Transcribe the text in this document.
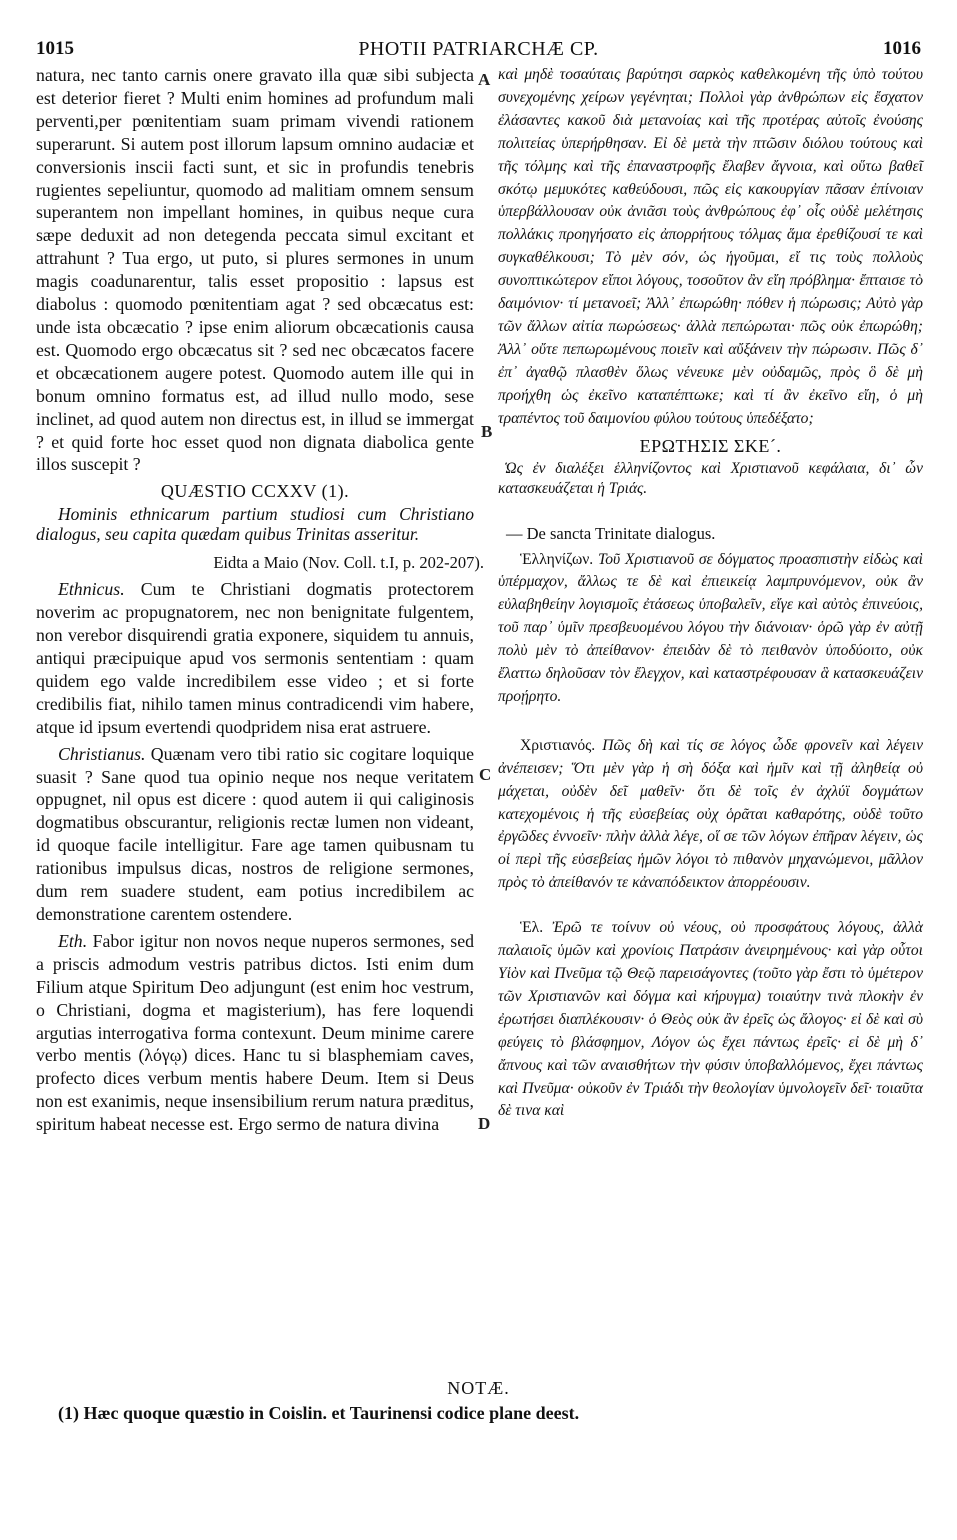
1015	PHOTII PATRIARCHÆ CP.	1016
A
B
C
D

natura, nec tanto carnis onere gravato illa quæ sibi subjecta est deterior fieret ? Multi enim homines ad profundum mali perventi,per pœnitentiam suam primam vivendi rationem superarunt. Si autem post illorum lapsum omnino audaciæ et conversionis inscii facti sunt, et sic in profundis tenebris rugientes sepeliuntur, quomodo ad malitiam omnem sensum superantem non impellant homines, in quibus neque cura sæpe deduxit ad non detegenda peccata simul excitant et attrahunt ? Tua ergo, ut puto, si plures sermones in unum magis coadunarentur, talis esset propositio : lapsus est diabolus : quomodo pœnitentiam agat ? sed obcæcatus est: unde ista obcæcatio ? ipse enim aliorum obcæcationis causa est. Quomodo ergo obcæcatus sit ? sed nec obcæcatos facere et obcæcationem augere potest. Quomodo autem ille qui in bonum omnino formatus est, ad illud nullo modo, sese inclinet, ad quod autem non directus est, in illud se immergat ? et quid forte hoc esset quod non dignata diabolica gente illos suscepit ?

QUÆSTIO CCXXV (1).

Hominis ethnicarum partium studiosi cum Christiano dialogus, seu capita quædam quibus Trinitas asseritur.

Eidta a Maio (Nov. Coll. t.I, p. 202-207).

Ethnicus. Cum te Christiani dogmatis protectorem noverim ac propugnatorem, nec non benignitate fulgentem, non verebor disquirendi gratia exponere, siquidem tu annuis, antiqui præcipuique apud vos sermonis sententiam : quam quidem ego valde incredibilem esse video ; et si forte credibilis fiat, nihilo tamen minus contradicendi vim habere, atque id ipsum evertendi quodpridem nisa erat astruere.

Christianus. Quænam vero tibi ratio sic cogitare loquique suasit ? Sane quod tua opinio neque nos neque veritatem oppugnet, nil opus est dicere : quod autem ii qui caliginosis dogmatibus obscurantur, religionis rectæ lumen non videant, id quoque facile intelligitur. Fare age tamen quibusnam tu rationibus impulsus dicas, nostros de religione sermones, dum rem suadere student, eam potius incredibilem ac demonstratione carentem ostendere.

Eth. Fabor igitur non novos neque nuperos sermones, sed a priscis admodum vestris patribus dictos. Isti enim dum Filium atque Spiritum Deo adjungunt (est enim hoc vestrum, o Christiani, dogma et magisterium), has fere loquendi argutias interrogativa forma contexunt. Deum minime carere verbo mentis (λόγῳ) dices. Hanc tu si blasphemiam caves, profecto dices verbum mentis habere Deum. Item si Deus non est exanimis, neque insensibilium rerum natura præditus, spiritum habeat necesse est. Ergo sermo de natura divina

καὶ μηδὲ τοσαύταις βαρύτησι σαρκὸς καθελκομένη τῆς ὑπὸ τούτου συνεχομένης χείρων γεγένηται; Πολλοὶ γὰρ ἀνθρώπων εἰς ἔσχατον ἐλάσαντες κακοῦ διὰ μετανοίας καὶ τῆς προτέρας αὐτοῖς ἐνούσης πολιτείας ὑπερήρθησαν. Εἰ δὲ μετὰ τὴν πτῶσιν διόλου τούτους καὶ τῆς τόλμης καὶ τῆς ἐπαναστροφῆς ἔλαβεν ἄγνοια, καὶ οὕτω βαθεῖ σκότῳ μεμυκότες καθεύδουσι, πῶς εἰς κακουργίαν πᾶσαν ἐπίνοιαν ὑπερβάλλουσαν οὐκ ἀνιᾶσι τοὺς ἀνθρώπους ἐφ᾽ οἷς οὐδὲ μελέτησις πολλάκις προηγήσατο εἰς ἀπορρήτους τόλμας ἅμα ἐρεθίζουσί τε καὶ συγκαθέλκουσι; Τὸ μὲν σόν, ὡς ἡγοῦμαι, εἴ τις τοὺς πολλοὺς συνοπτικώτερον εἴποι λόγους, τοσοῦτον ἂν εἴη πρόβλημα· ἔπταισε τὸ δαιμόνιον· τί μετανοεῖ; Ἀλλ᾽ ἐπωρώθη· πόθεν ἡ πώρωσις; Αὐτὸ γὰρ τῶν ἄλλων αἰτία πωρώσεως· ἀλλὰ πεπώρωται· πῶς οὐκ ἐπωρώθη; Ἀλλ᾽ οὔτε πεπωρωμένους ποιεῖν καὶ αὔξάνειν τὴν πώρωσιν. Πῶς δ᾽ ἐπ᾽ ἀγαθῷ πλασθὲν ὅλως νένευκε μὲν οὐδαμῶς, πρὸς ὃ δὲ μὴ προήχθη ὡς ἐκεῖνο καταπέπτωκε; καὶ τί ἂν ἐκεῖνο εἴη, ὁ μὴ τραπέντος τοῦ δαιμονίου φύλου τούτους ὑπεδέξατο;

ΕΡΩΤΗΣΙΣ ΣΚΕ´.

Ὡς ἐν διαλέξει ἑλληνίζοντος καὶ Χριστιανοῦ κεφάλαια, δι᾽ ὧν κατασκευάζεται ἡ Τριάς.

— De sancta Trinitate dialogus.

Ἑλληνίζων. Τοῦ Χριστιανοῦ σε δόγματος προασπιστὴν εἰδὼς καὶ ὑπέρμαχον, ἄλλως τε δὲ καὶ ἐπιεικείᾳ λαμπρυνόμενον, οὐκ ἂν εὐλαβηθείην λογισμοῖς ἐτάσεως ὑποβαλεῖν, εἴγε καὶ αὐτὸς ἐπινεύοις, τοῦ παρ᾽ ὑμῖν πρεσβευομένου λόγου τὴν διάνοιαν· ὁρῶ γὰρ ἐν αὐτῇ πολὺ μὲν τὸ ἀπείθανον· ἐπειδὰν δὲ τὸ πειθανὸν ὑποδύοιτο, οὐκ ἔλαττω δηλοῦσαν τὸν ἔλεγχον, καὶ καταστρέφουσαν ἃ κατασκευάζειν προῄρητο.

Χριστιανός. Πῶς δὴ καὶ τίς σε λόγος ὧδε φρονεῖν καὶ λέγειν ἀνέπεισεν; Ὅτι μὲν γὰρ ἡ σὴ δόξα καὶ ἡμῖν καὶ τῇ ἀληθείᾳ οὐ μάχεται, οὐδὲν δεῖ μαθεῖν· ὅτι δὲ τοῖς ἐν ἀχλύϊ δογμάτων κατεχομένοις ἡ τῆς εὐσεβείας οὐχ ὁρᾶται καθαρότης, οὐδὲ τοῦτο ἐργῶδες ἐννοεῖν· πλὴν ἀλλὰ λέγε, οἵ σε τῶν λόγων ἐπῆραν λέγειν, ὡς οἱ περὶ τῆς εὐσεβείας ἡμῶν λόγοι τὸ πιθανὸν μηχανώμενοι, μᾶλλον πρὸς τὸ ἀπείθανόν τε κἀναπόδεικτον ἀπορρέουσιν.

Ἑλ. Ἐρῶ τε τοίνυν οὐ νέους, οὐ προσφάτους λόγους, ἀλλὰ παλαιοῖς ὑμῶν καὶ χρονίοις Πατράσιν ἀνειρημένους· καὶ γὰρ οὗτοι Υἱὸν καὶ Πνεῦμα τῷ Θεῷ παρεισάγοντες (τοῦτο γὰρ ἔστι τὸ ὑμέτερον τῶν Χριστιανῶν καὶ δόγμα καὶ κήρυγμα) τοιαύτην τινὰ πλοκὴν ἐν ἐρωτήσει διαπλέκουσιν· ὁ Θεὸς οὐκ ἂν ἐρεῖς ὡς ἄλογος· εἰ δὲ καὶ σὺ φεύγεις τὸ βλάσφημον, Λόγον ὡς ἔχει πάντως ἐρεῖς· εἰ δὲ μὴ δ᾽ ἄπνους καὶ τῶν αναισθήτων τὴν φύσιν ὑποβαλλόμενος, ἔχει πάντως καὶ Πνεῦμα· οὐκοῦν ἐν Τριάδι τὴν θεολογίαν ὑμνολογεῖν δεῖ· τοιαῦτα δὲ τινα καὶ

NOTÆ.
(1) Hæc quoque quæstio in Coislin. et Taurinensi codice plane deest.
